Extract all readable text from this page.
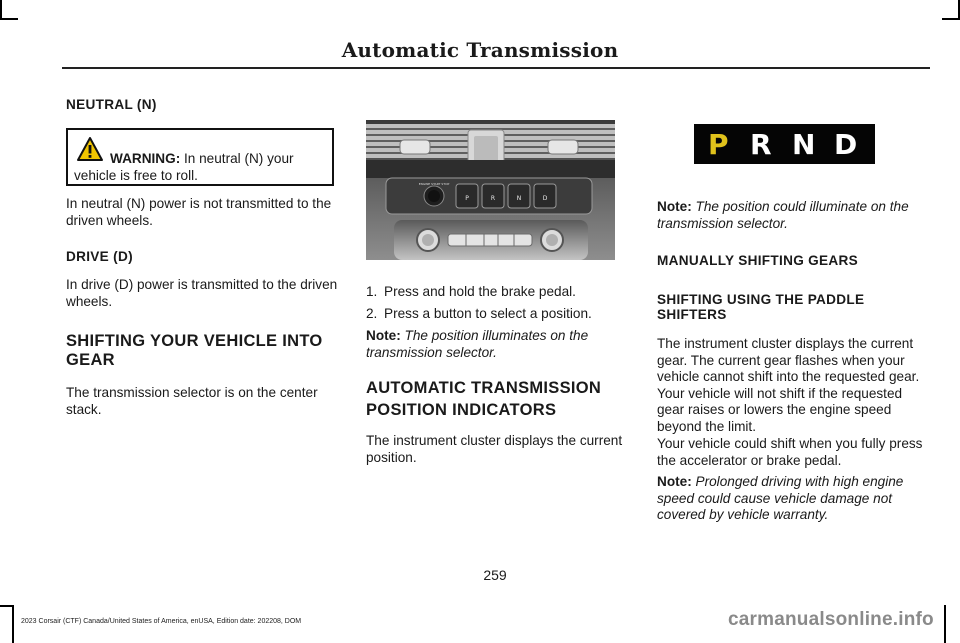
Automatic Transmission
NEUTRAL (N)
WARNING: In neutral (N) your vehicle is free to roll.
In neutral (N) power is not transmitted to the driven wheels.
DRIVE (D)
In drive (D) power is transmitted to the driven wheels.
SHIFTING YOUR VEHICLE INTO
GEAR
The transmission selector is on the center stack.
ENGINE START STOP
P	R	N	D
1. Press and hold the brake pedal.
2. Press a button to select a position.
Note: The position illuminates on the transmission selector.
AUTOMATIC TRANSMISSION
POSITION INDICATORS
The instrument cluster displays the current position.
P R N D
Note: The position could illuminate on the transmission selector.
MANUALLY SHIFTING GEARS
SHIFTING USING THE PADDLE
SHIFTERS
The instrument cluster displays the current gear. The current gear flashes when your vehicle cannot shift into the requested gear. Your vehicle will not shift if the requested gear raises or lowers the engine speed beyond the limit.
Your vehicle could shift when you fully press the accelerator or brake pedal.
Note: Prolonged driving with high engine speed could cause vehicle damage not covered by vehicle warranty.
259
2023 Corsair (CTF) Canada/United States of America, enUSA, Edition date: 202208, DOM	carmanualsonline.info
